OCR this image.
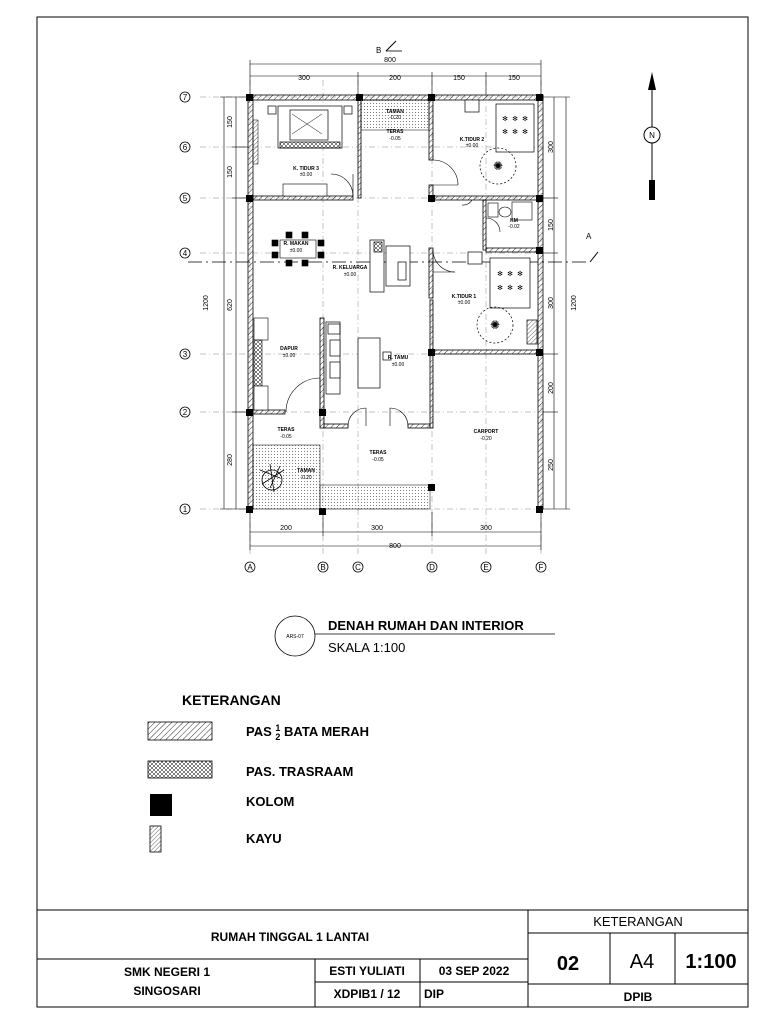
A
B
800
300	200	150	150
200	300	300
800
150
150
620
280
1200
300
150
300
200
250
1200
7
6
5
4
3
2
1
A	B	C	D	E	F
N
✻ ✻ ✻
✻ ✻ ✻
✺
✻ ✻ ✻
✻ ✻ ✻
✺
K. TIDUR 3
±0.00
TAMAN
-0.20
TERAS
-0.05	K.TIDUR 2
±0.00
R. MAKAN
±0.00
R. KELUARGA
±0.00
KM
-0.02
K.TIDUR 1
±0.00
DAPUR
±0.00	R. TAMU
±0.00
TERAS
-0.05
TERAS
-0.05
CARPORT
-0.20
TAMAN
-0.20
ARS-07
DENAH RUMAH DAN INTERIOR
SKALA 1:100
KETERANGAN
PAS $^1$ 2 BATA MERAH
PAS. TRASRAAM
KOLOM
KAYU
RUMAH TINGGAL 1 LANTAI
SMK NEGERI 1
SINGOSARI
ESTI YULIATI	03 SEP 2022
XDPIB1 / 12 DIP
KETERANGAN
02	A4 1:100
DPIB
